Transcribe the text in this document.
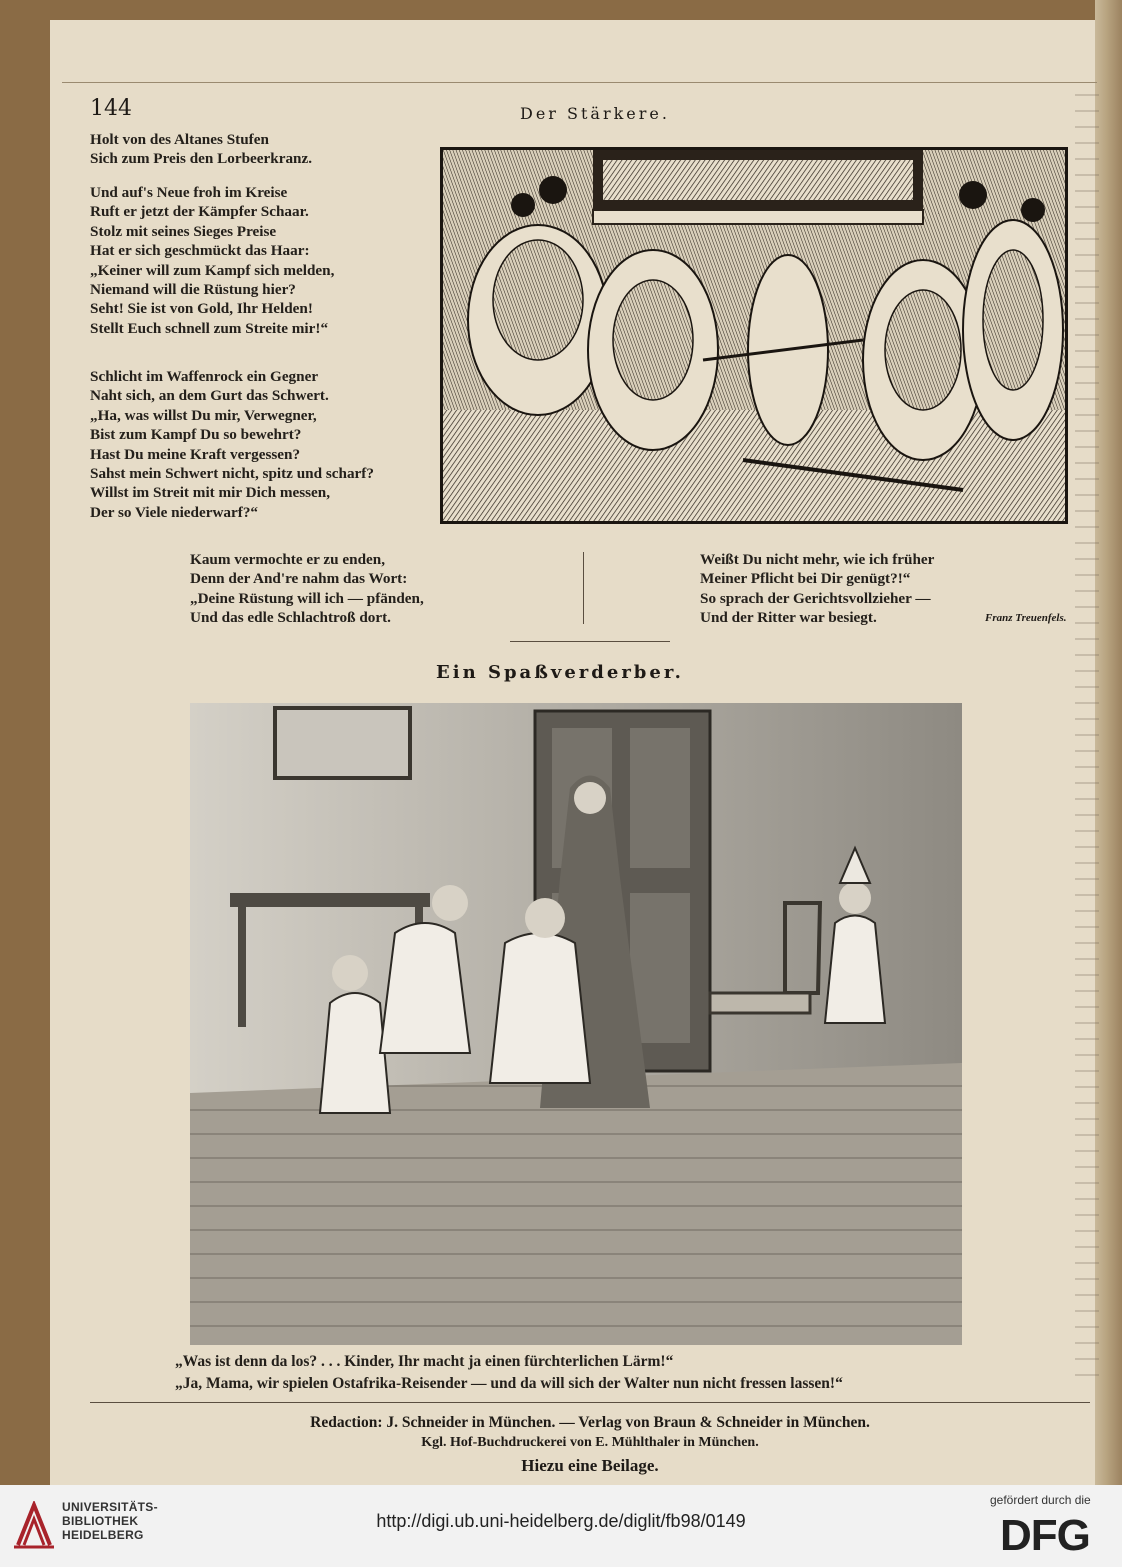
144	Der Stärkere.
Holt von des Altanes Stufen
Sich zum Preis den Lorbeerkranz.
Und auf's Neue froh im Kreise
Ruft er jetzt der Kämpfer Schaar.
Stolz mit seines Sieges Preise
Hat er sich geschmückt das Haar:
„Keiner will zum Kampf sich melden,
Niemand will die Rüstung hier?
Seht! Sie ist von Gold, Ihr Helden!
Stellt Euch schnell zum Streite mir!“
Schlicht im Waffenrock ein Gegner
Naht sich, an dem Gurt das Schwert.
„Ha, was willst Du mir, Verwegner,
Bist zum Kampf Du so bewehrt?
Hast Du meine Kraft vergessen?
Sahst mein Schwert nicht, spitz und scharf?
Willst im Streit mit mir Dich messen,
Der so Viele niederwarf?“
Kaum vermochte er zu enden,
Denn der And're nahm das Wort:
„Deine Rüstung will ich — pfänden,
Und das edle Schlachtroß dort.
Weißt Du nicht mehr, wie ich früher
Meiner Pflicht bei Dir genügt?!“
So sprach der Gerichtsvollzieher —
Und der Ritter war besiegt.	Franz Treuenfels.
Ein Spaßverderber.
„Was ist denn da los? . . . Kinder, Ihr macht ja einen fürchterlichen Lärm!“
„Ja, Mama, wir spielen Ostafrika-Reisender — und da will sich der Walter nun nicht fressen lassen!“
Redaction: J. Schneider in München. — Verlag von Braun & Schneider in München.
Kgl. Hof-Buchdruckerei von E. Mühlthaler in München.
Hiezu eine Beilage.
UNIVERSITÄTS-
BIBLIOTHEK
HEIDELBERG
http://digi.ub.uni-heidelberg.de/diglit/fb98/0149
gefördert durch die
DFG
